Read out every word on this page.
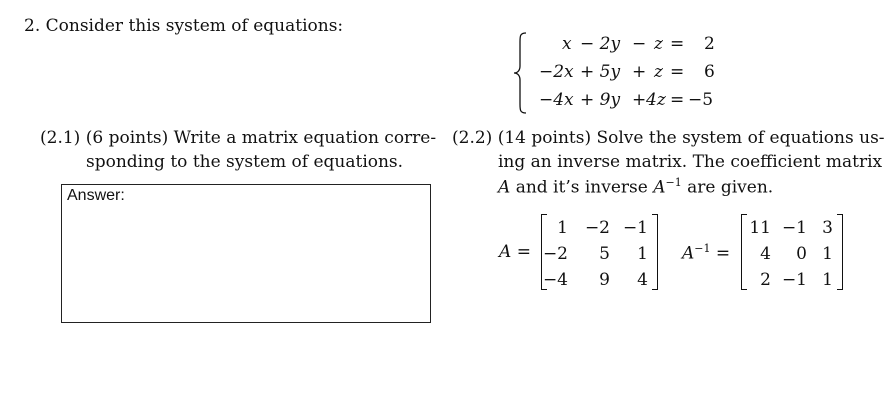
2. Consider this system of equations:
x − 2y − z = 2
−2x + 5y + z = 6
−4x + 9y + 4z = −5
(2.1) (6 points) Write a matrix equation corre-
sponding to the system of equations.
Answer:
(2.2) (14 points) Solve the system of equations us-
ing an inverse matrix. The coefficient matrix
A and it’s inverse $A^{-1}$ are given.
A =
1 −2 −1
−2 5 1
−4 9 4
$A^{-1}$ =
11 −1 3
4 0 1
2 −1 1
